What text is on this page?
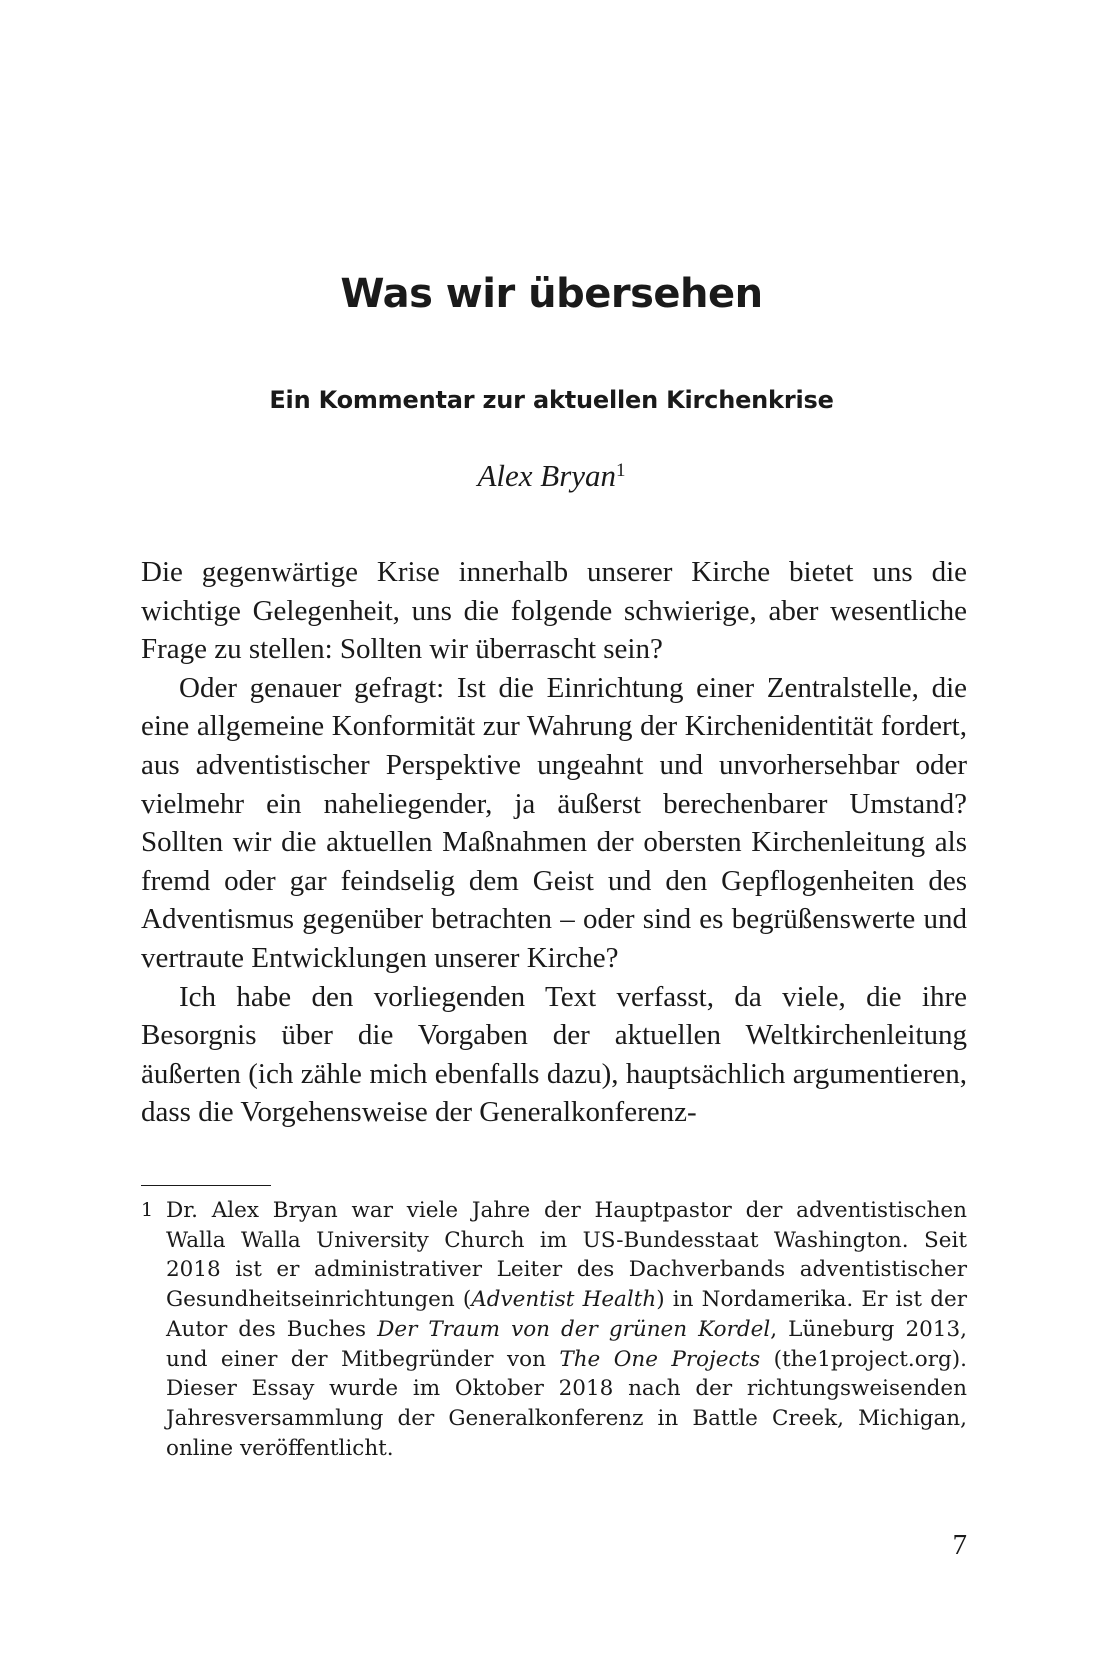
Was wir übersehen
Ein Kommentar zur aktuellen Kirchenkrise
Alex Bryan$^1$

Die gegenwärtige Krise innerhalb unserer Kirche bietet uns die wichtige Gelegenheit, uns die folgende schwierige, aber wesentliche Frage zu stellen: Sollten wir überrascht sein?

Oder genauer gefragt: Ist die Einrichtung einer Zentralstelle, die eine allgemeine Konformität zur Wahrung der Kirchenidentität fordert, aus adventistischer Perspektive ungeahnt und unvorhersehbar oder vielmehr ein naheliegender, ja äußerst berechenbarer Umstand? Sollten wir die aktuellen Maßnahmen der obersten Kirchenleitung als fremd oder gar feindselig dem Geist und den Gepflogenheiten des Adventismus gegenüber betrachten – oder sind es begrüßenswerte und vertraute Entwicklungen unserer Kirche?

Ich habe den vorliegenden Text verfasst, da viele, die ihre Besorgnis über die Vorgaben der aktuellen Weltkirchenleitung äußerten (ich zähle mich ebenfalls dazu), hauptsächlich argumentieren, dass die Vorgehensweise der Generalkonferenz-

1 Dr. Alex Bryan war viele Jahre der Hauptpastor der adventistischen Walla Walla University Church im US-Bundesstaat Washington. Seit 2018 ist er administrativer Leiter des Dachverbands adventistischer Gesundheitseinrichtungen (Adventist Health) in Nordamerika. Er ist der Autor des Buches Der Traum von der grünen Kordel, Lüneburg 2013, und einer der Mitbegründer von The One Projects (the1project.org). Dieser Essay wurde im Oktober 2018 nach der richtungsweisenden Jahresversammlung der Generalkonferenz in Battle Creek, Michigan, online veröffentlicht.
7
